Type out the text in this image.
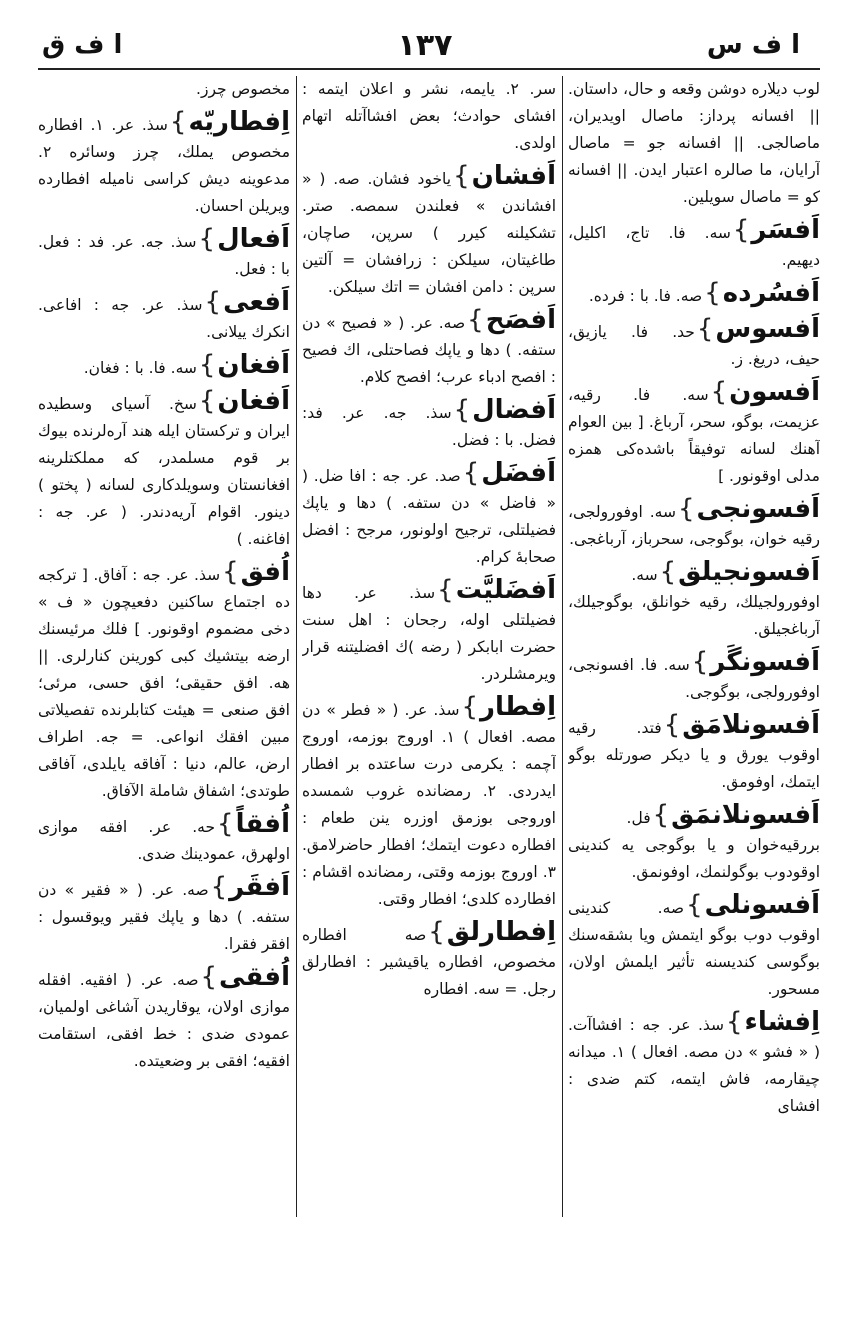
ا ف ق	١٣٧	ا ف س

لوب دیلاره دوشن وقعه و حال، داستان. || افسانه پرداز: ماصال اویدیران، ماصالجی. || افسانه جو = ماصال آرایان، ما صالره اعتبار ایدن. || افسانه کو = ماصال سویلین.

اَفسَر}سه. فا. تاج، اکلیل، دیهیم.

اَفسُرده}صه. فا. با : فرده.

اَفسوس}حد. فا. یازیق، حیف، دریغ. ز.

اَفسون}سه. فا. رقیه، عزیمت، بوگو، سحر، آرباغ. [ بین العوام آهنك لسانه توفيقاً باشده‌کی همزه مدلی اوقونور. ]

اَفسونجی}سه. اوفورولجی، رقیه خوان، بوگوجی، سحرباز، آرباغجی.

اَفسونجیلق}سه. اوفورولجیلك، رقیه خوانلق، بوگوجیلك، آرباغجیلق.

اَفسونگَر}سه. فا. افسونجی، اوفورولجی، بوگوجی.

اَفسونلامَق}فتد. رقیه اوقوب یورق و یا دیکر صورتله بوگو ایتمك، اوفومق.

اَفسونلانمَق}فل. بررقیه‌خوان و یا بوگوجی یه کندینی اوقودوب بوگولنمك، اوفونمق.

اَفسونلی}صه. کندینی اوقوب دوب بوگو ایتمش ویا بشقه‌سنك بوگوسی کندیسنه تأثیر ایلمش اولان، مسحور.

اِفشاء}سذ. عر. جه : افشاآت. ( « فشو » دن مصه. افعال ) ١. میدانه چیقارمه، فاش ایتمه، کتم ضدی : افشای

سر. ٢. یایمه، نشر و اعلان ایتمه : افشای حوادث؛ بعض افشاآتله اتهام اولدی.

اَفشان}یاخود فشان. صه. ( « افشاندن » فعلندن سمصه. صتر. تشکیلنه کیرر ) سرپن، صاچان، طاغیتان، سیلکن : زرافشان = آلتین سرپن : دامن افشان = اتك سیلکن.

اَفصَح}صه. عر. ( « فصیح » دن ستفه. ) دها و یاپك فصاحتلی، اك فصیح : افصح ادباء عرب؛ افصح کلام.

اَفضال}سذ. جه. عر. فد: فضل. با : فضل.

اَفضَل}صد. عر. جه : افا ضل. ( « فاضل » دن ستفه. ) دها و یاپك فضیلتلی، ترجیح اولونور، مرجح : افضل صحابهٔ کرام.

اَفضَلیَّت}سذ. عر. دها فضیلتلی اوله، رجحان : اهل سنت حضرت ابابکر ( رضه )ك افضلیتنه قرار ویرمشلردر.

اِفطار}سذ. عر. ( « فطر » دن مصه. افعال ) ١. اوروج بوزمه، اوروج آچمه : یکرمی درت ساعتده بر افطار ایدردی. ٢. رمضانده غروب شمسده اوروجی بوزمق اوزره ینن طعام : افطاره دعوت ایتمك؛ افطار حاضرلامق. ٣. اوروج بوزمه وقتی، رمضانده اقشام : افطارده کلدی؛ افطار وقتی.

اِفطارلق}صه افطاره مخصوص، افطاره یاقیشیر : افطارلق رجل. = سه. افطاره

مخصوص چرز.

اِفطاریّه}سذ. عر. ١. افطاره مخصوص یملك، چرز وسائره ٢. مدعوینه دیش کراسی نامیله افطارده ویریلن احسان.

اَفعال}سذ. جه. عر. فد : فعل. با : فعل.

اَفعی}سذ. عر. جه : افاعی. انکرك ییلانی.

اَفغان}سه. فا. با : فغان.

اَفغان}سخ. آسیای وسطیده ایران و ترکستان ایله هند آره‌لرنده بیوك بر قوم مسلمدر، که مملکتلرینه افغانستان وسویلدکاری لسانه ( پختو ) دینور. اقوام آریه‌دندر. ( عر. جه : افاغنه. )

اُفق}سذ. عر. جه : آفاق. [ ترکجه ده اجتماع ساکنین دفعیچون « ف » دخی مضموم اوقونور. ] فلك مرئیسنك ارضه بیتشیك کبی کورینن کنارلری. || هه. افق حقیقی؛ افق حسی، مرئی؛ افق صنعی = هیئت کتابلرنده تفصیلاتی مبین افقك انواعی. = جه. اطراف ارض، عالم، دنیا : آفاقه یایلدی، آفاقی طوتدی؛ اشفاق شاملة الآفاق.

اُفقاً}حه. عر. افقه موازی اولهرق، عمودینك ضدی.

اَفقَر}صه. عر. ( « فقیر » دن ستفه. ) دها و یاپك فقیر ویوقسول : افقر فقرا.

اُفقی}صه. عر. ( افقیه. افقله موازی اولان، یوقاریدن آشاغی اولمیان، عمودی ضدی : خط افقی، استقامت افقیه؛ افقی بر وضعیتده.
